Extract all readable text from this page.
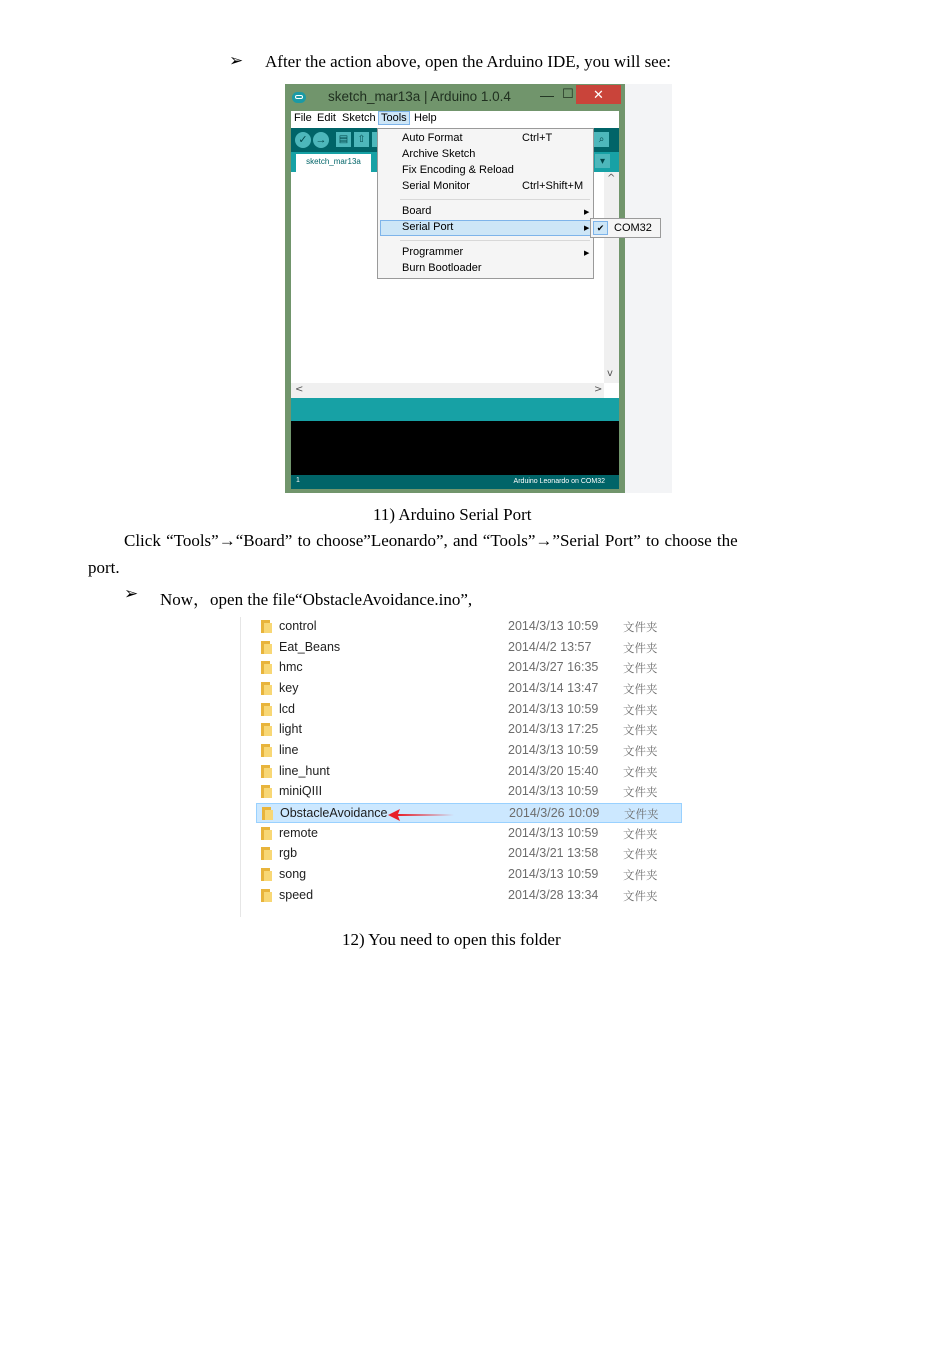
➢ After the action above, open the Arduino IDE, you will see:
sketch_mar13a | Arduino 1.0.4 — ☐	✕
File Edit Sketch Tools Help
✓ → ▤ ⇧	⌕
▾
sketch_mar13a
^
v
<	>
1	Arduino Leonardo on COM32
Auto Format	Ctrl+T
Archive Sketch
Fix Encoding & Reload
Serial Monitor	Ctrl+Shift+M
Board	▶
Serial Port	▶
Programmer	▶
Burn Bootloader
✔ COM32
11) Arduino Serial Port
Click “Tools”→“Board” to choose”Leonardo”, and “Tools”→”Serial Port” to choose the
port.
➢ Now，open the file“ObstacleAvoidance.ino”,
control	2014/3/13 10:59 文件夹
Eat_Beans	2014/4/2 13:57	文件夹
hmc	2014/3/27 16:35 文件夹
key	2014/3/14 13:47 文件夹
lcd	2014/3/13 10:59 文件夹
light	2014/3/13 17:25 文件夹
line	2014/3/13 10:59 文件夹
line_hunt	2014/3/20 15:40 文件夹
miniQIII	2014/3/13 10:59 文件夹
ObstacleAvoidance	2014/3/26 10:09 文件夹
remote	2014/3/13 10:59 文件夹
rgb	2014/3/21 13:58 文件夹
song	2014/3/13 10:59 文件夹
speed	2014/3/28 13:34 文件夹
12) You need to open this folder
